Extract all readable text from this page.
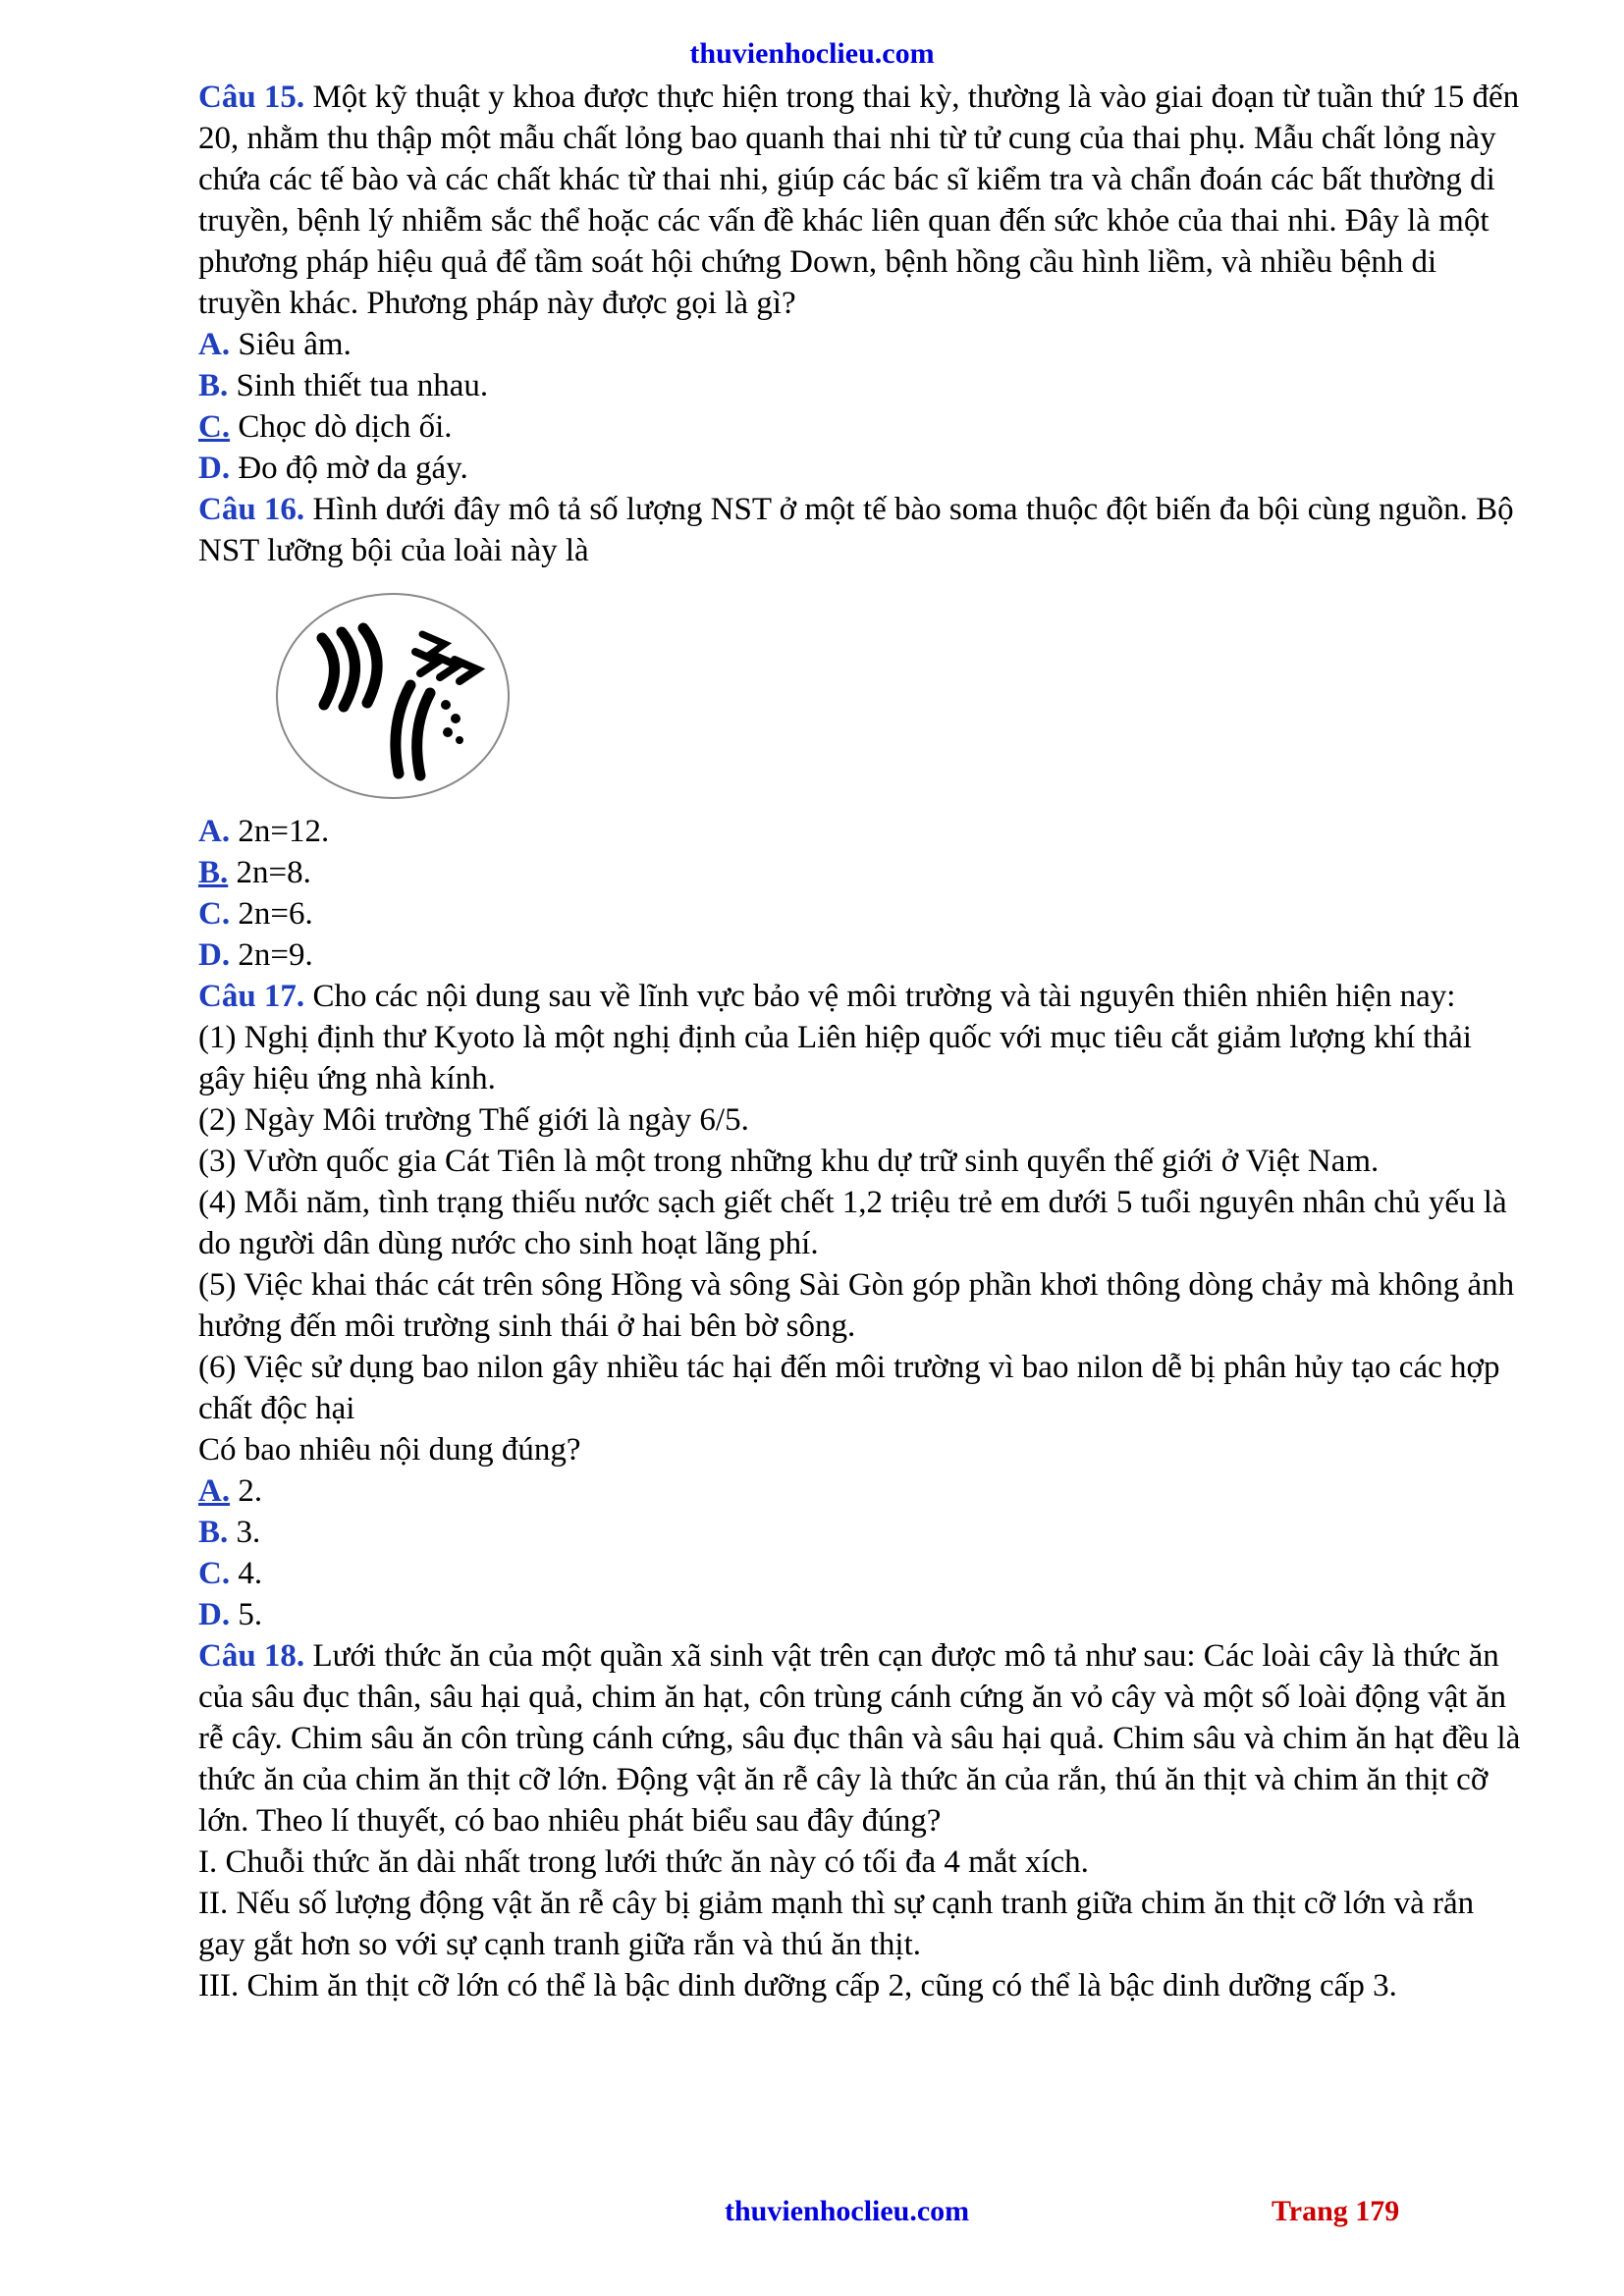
thuvienhoclieu.com

Câu 15. Một kỹ thuật y khoa được thực hiện trong thai kỳ, thường là vào giai đoạn từ tuần thứ 15 đến 20, nhằm thu thập một mẫu chất lỏng bao quanh thai nhi từ tử cung của thai phụ. Mẫu chất lỏng này chứa các tế bào và các chất khác từ thai nhi, giúp các bác sĩ kiểm tra và chẩn đoán các bất thường di truyền, bệnh lý nhiễm sắc thể hoặc các vấn đề khác liên quan đến sức khỏe của thai nhi. Đây là một phương pháp hiệu quả để tầm soát hội chứng Down, bệnh hồng cầu hình liềm, và nhiều bệnh di truyền khác. Phương pháp này được gọi là gì?

A. Siêu âm.

B. Sinh thiết tua nhau.

C. Chọc dò dịch ối.

D. Đo độ mờ da gáy.

Câu 16. Hình dưới đây mô tả số lượng NST ở một tế bào soma thuộc đột biến đa bội cùng nguồn. Bộ NST lưỡng bội của loài này là

A. 2n=12.

B. 2n=8.

C. 2n=6.

D. 2n=9.

Câu 17. Cho các nội dung sau về lĩnh vực bảo vệ môi trường và tài nguyên thiên nhiên hiện nay:

(1) Nghị định thư Kyoto là một nghị định của Liên hiệp quốc với mục tiêu cắt giảm lượng khí thải gây hiệu ứng nhà kính.

(2) Ngày Môi trường Thế giới là ngày 6/5.

(3) Vườn quốc gia Cát Tiên là một trong những khu dự trữ sinh quyển thế giới ở Việt Nam.

(4) Mỗi năm, tình trạng thiếu nước sạch giết chết 1,2 triệu trẻ em dưới 5 tuổi nguyên nhân chủ yếu là do người dân dùng nước cho sinh hoạt lãng phí.

(5) Việc khai thác cát trên sông Hồng và sông Sài Gòn góp phần khơi thông dòng chảy mà không ảnh hưởng đến môi trường sinh thái ở hai bên bờ sông.

(6) Việc sử dụng bao nilon gây nhiều tác hại đến môi trường vì bao nilon dễ bị phân hủy tạo các hợp chất độc hại

Có bao nhiêu nội dung đúng?

A. 2.

B. 3.

C. 4.

D. 5.

Câu 18. Lưới thức ăn của một quần xã sinh vật trên cạn được mô tả như sau: Các loài cây là thức ăn của sâu đục thân, sâu hại quả, chim ăn hạt, côn trùng cánh cứng ăn vỏ cây và một số loài động vật ăn rễ cây. Chim sâu ăn côn trùng cánh cứng, sâu đục thân và sâu hại quả. Chim sâu và chim ăn hạt đều là thức ăn của chim ăn thịt cỡ lớn. Động vật ăn rễ cây là thức ăn của rắn, thú ăn thịt và chim ăn thịt cỡ lớn. Theo lí thuyết, có bao nhiêu phát biểu sau đây đúng?

I. Chuỗi thức ăn dài nhất trong lưới thức ăn này có tối đa 4 mắt xích.

II. Nếu số lượng động vật ăn rễ cây bị giảm mạnh thì sự cạnh tranh giữa chim ăn thịt cỡ lớn và rắn gay gắt hơn so với sự cạnh tranh giữa rắn và thú ăn thịt.

III. Chim ăn thịt cỡ lớn có thể là bậc dinh dưỡng cấp 2, cũng có thể là bậc dinh dưỡng cấp 3.

thuvienhoclieu.com	Trang 179
